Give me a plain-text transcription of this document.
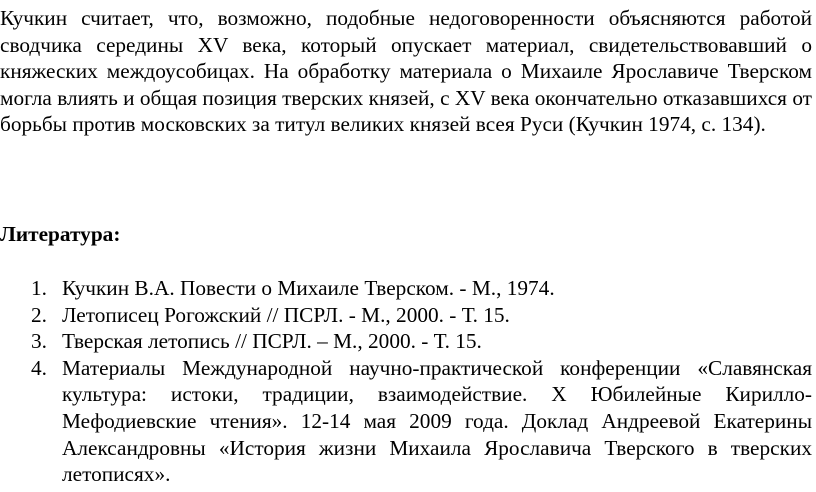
Кучкин считает, что, возможно, подобные недоговоренности объясняются работой сводчика середины XV века, который опускает материал, свидетельствовавший о княжеских междоусобицах. На обработку материала о Михаиле Ярославиче Тверском могла влиять и общая позиция тверских князей, с XV века окончательно отказавшихся от борьбы против московских за титул великих князей всея Руси (Кучкин 1974, с. 134).

Литература:
1. Кучкин В.А. Повести о Михаиле Тверском. - М., 1974.
2. Летописец Рогожский // ПСРЛ. - М., 2000. - Т. 15.
3. Тверская летопись // ПСРЛ. – М., 2000. - Т. 15.
4. Материалы Международной научно-практической конференции «Славянская культура: истоки, традиции, взаимодействие. X Юбилейные Кирилло-Мефодиевские чтения». 12-14 мая 2009 года. Доклад Андреевой Екатерины Александровны «История жизни Михаила Ярославича Тверского в тверских летописях».
